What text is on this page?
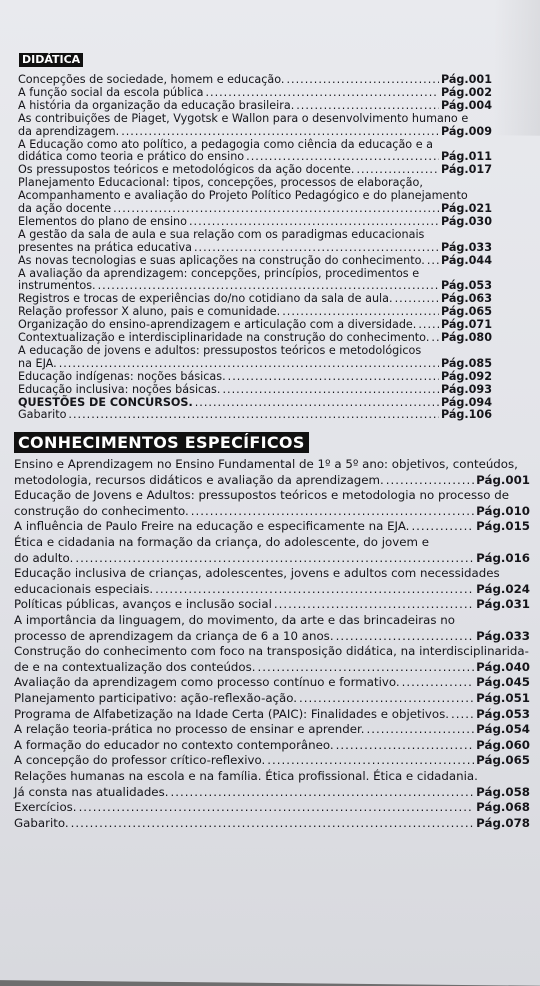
DIDÁTICA
Concepções de sociedade, homem e educação. .....	Pág.001
A função social da escola pública .....	Pág.002
A história da organização da educação brasileira. .....	Pág.004
As contribuições de Piaget, Vygotsk e Wallon para o desenvolvimento humano e
da aprendizagem. .....	Pág.009
A Educação como ato político, a pedagogia como ciência da educação e a
didática como teoria e prático do ensino .....	Pág.011
Os pressupostos teóricos e metodológicos da ação docente. .....	Pág.017
Planejamento Educacional: tipos, concepções, processos de elaboração,
Acompanhamento e avaliação do Projeto Político Pedagógico e do planejamento
da ação docente .....	Pág.021
Elementos do plano de ensino .....	Pág.030
A gestão da sala de aula e sua relação com os paradigmas educacionais
presentes na prática educativa .....	Pág.033
As novas tecnologias e suas aplicações na construção do conhecimento. ..... Pág.044
A avaliação da aprendizagem: concepções, princípios, procedimentos e
instrumentos. .....	Pág.053
Registros e trocas de experiências do/no cotidiano da sala de aula. .....	Pág.063
Relação professor X aluno, pais e comunidade. .....	Pág.065
Organização do ensino-aprendizagem e articulação com a diversidade. ..... Pág.071
Contextualização e interdisciplinaridade na construção do conhecimento. ..... Pág.080
A educação de jovens e adultos: pressupostos teóricos e metodológicos
na EJA. .....	Pág.085
Educação indígenas: noções básicas. .....	Pág.092
Educação inclusiva: noções básicas. .....	Pág.093
QUESTÕES DE CONCURSOS. .....	Pág.094
Gabarito .....	Pág.106
CONHECIMENTOS ESPECÍFICOS
Ensino e Aprendizagem no Ensino Fundamental de 1º a 5º ano: objetivos, conteúdos,
metodologia, recursos didáticos e avaliação da aprendizagem. .....	Pág.001
Educação de Jovens e Adultos: pressupostos teóricos e metodologia no processo de
construção do conhecimento. .....	Pág.010
A influência de Paulo Freire na educação e especificamente na EJA. .....	Pág.015
Ética e cidadania na formação da criança, do adolescente, do jovem e
do adulto. .....	Pág.016
Educação inclusiva de crianças, adolescentes, jovens e adultos com necessidades
educacionais especiais. .....	Pág.024
Políticas públicas, avanços e inclusão social .....	Pág.031
A importância da linguagem, do movimento, da arte e das brincadeiras no
processo de aprendizagem da criança de 6 a 10 anos. .....	Pág.033
Construção do conhecimento com foco na transposição didática, na interdisciplinarida-
de e na contextualização dos conteúdos. .....	Pág.040
Avaliação da aprendizagem como processo contínuo e formativo. .....	Pág.045
Planejamento participativo: ação-reflexão-ação. .....	Pág.051
Programa de Alfabetização na Idade Certa (PAIC): Finalidades e objetivos. ..... Pág.053
A relação teoria-prática no processo de ensinar e aprender. .....	Pág.054
A formação do educador no contexto contemporâneo. .....	Pág.060
A concepção do professor crítico-reflexivo. .....	Pág.065
Relações humanas na escola e na família. Ética profissional. Ética e cidadania.
Já consta nas atualidades. .....	Pág.058
Exercícios. .....	Pág.068
Gabarito. .....	Pág.078
